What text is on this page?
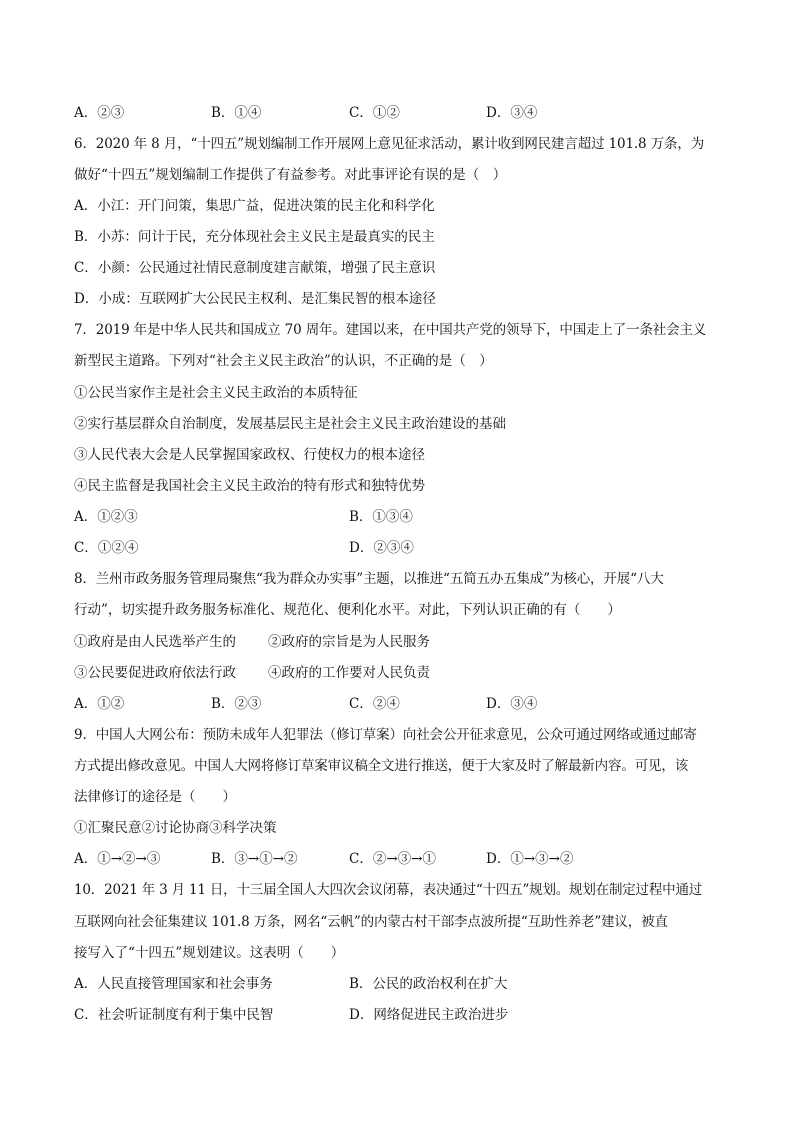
A．②③	B．①④	C．①②	D．③④
6．2020 年 8 月，“十四五”规划编制工作开展网上意见征求活动，累计收到网民建言超过 101.8 万条，为
做好“十四五”规划编制工作提供了有益参考。对此事评论有误的是（　）
A．小江：开门问策，集思广益，促进决策的民主化和科学化
B．小苏：问计于民，充分体现社会主义民主是最真实的民主
C．小颜：公民通过社情民意制度建言献策，增强了民主意识
D．小成：互联网扩大公民民主权利、是汇集民智的根本途径
7．2019 年是中华人民共和国成立 70 周年。建国以来，在中国共产党的领导下，中国走上了一条社会主义
新型民主道路。下列对“社会主义民主政治”的认识，不正确的是（　）
①公民当家作主是社会主义民主政治的本质特征
②实行基层群众自治制度，发展基层民主是社会主义民主政治建设的基础
③人民代表大会是人民掌握国家政权、行使权力的根本途径
④民主监督是我国社会主义民主政治的特有形式和独特优势
A．①②③	B．①③④
C．①②④	D．②③④
8．兰州市政务服务管理局聚焦“我为群众办实事”主题，以推进“五简五办五集成”为核心，开展“八大
行动”，切实提升政务服务标准化、规范化、便利化水平。对此，下列认识正确的有（　　）
①政府是由人民选举产生的 ②政府的宗旨是为人民服务
③公民要促进政府依法行政 ④政府的工作要对人民负责
A．①②	B．②③	C．②④	D．③④
9．中国人大网公布：预防未成年人犯罪法（修订草案）向社会公开征求意见，公众可通过网络或通过邮寄
方式提出修改意见。中国人大网将修订草案审议稿全文进行推送，便于大家及时了解最新内容。可见，该
法律修订的途径是（　　）
①汇聚民意②讨论协商③科学决策
A．①→②→③	B．③→①→②	C．②→③→①	D．①→③→②
10．2021 年 3 月 11 日，十三届全国人大四次会议闭幕，表决通过“十四五”规划。规划在制定过程中通过
互联网向社会征集建议 101.8 万条，网名“云帆”的内蒙古村干部李点波所提“互助性养老”建议，被直
接写入了“十四五”规划建议。这表明（　　）
A．人民直接管理国家和社会事务	B．公民的政治权利在扩大
C．社会听证制度有利于集中民智	D．网络促进民主政治进步
